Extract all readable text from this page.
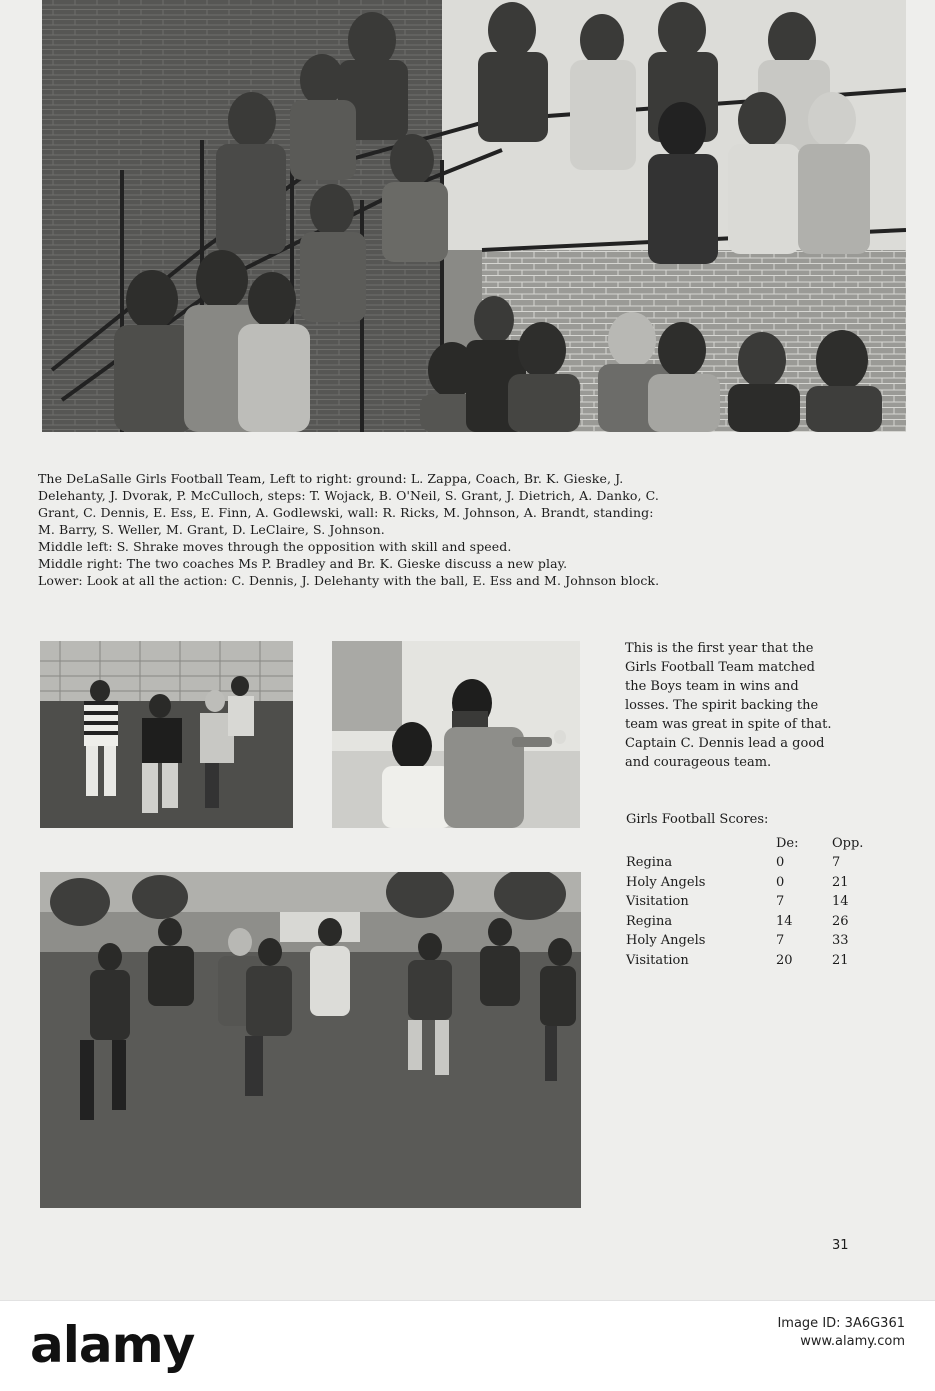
The DeLaSalle Girls Football Team, Left to right: ground: L. Zappa, Coach, Br. K. Gieske, J.

Delehanty, J. Dvorak, P. McCulloch, steps: T. Wojack, B. O'Neil, S. Grant, J. Dietrich, A. Danko, C.

Grant, C. Dennis, E. Ess, E. Finn, A. Godlewski, wall: R. Ricks, M. Johnson, A. Brandt, standing:

M. Barry, S. Weller, M. Grant, D. LeClaire, S. Johnson.

Middle left: S. Shrake moves through the opposition with skill and speed.

Middle right: The two coaches Ms P. Bradley and Br. K. Gieske discuss a new play.

Lower: Look at all the action: C. Dennis, J. Delehanty with the ball, E. Ess and M. Johnson block.

This is the first year that the
Girls Football Team matched
the Boys team in wins and
losses. The spirit backing the
team was great in spite of that.
Captain C. Dennis lead a good
and courageous team.
Girls Football Scores:
	De:	Opp.
Regina	0	7
Holy Angels	0	21
Visitation	7	14
Regina	14	26
Holy Angels	7	33
Visitation	20	21
31
alamy	Image ID: 3A6G361
www.alamy.com
